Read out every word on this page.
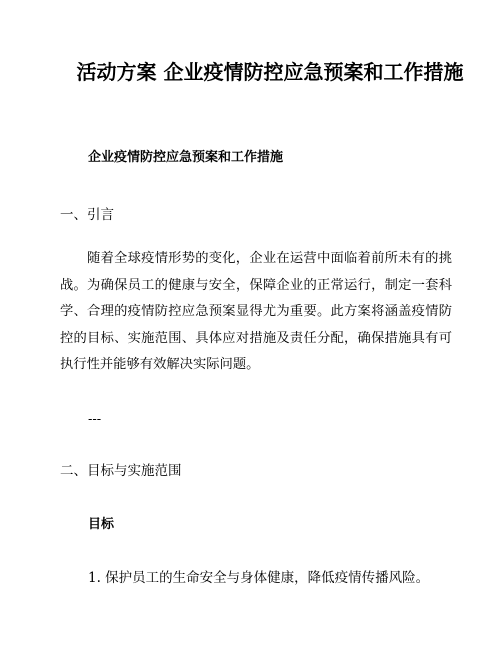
活动方案 企业疫情防控应急预案和工作措施

企业疫情防控应急预案和工作措施

一、引言

随着全球疫情形势的变化，企业在运营中面临着前所未有的挑战。为确保员工的健康与安全，保障企业的正常运行，制定一套科学、合理的疫情防控应急预案显得尤为重要。此方案将涵盖疫情防控的目标、实施范围、具体应对措施及责任分配，确保措施具有可执行性并能够有效解决实际问题。

---

二、目标与实施范围

目标

1. 保护员工的生命安全与身体健康，降低疫情传播风险。
